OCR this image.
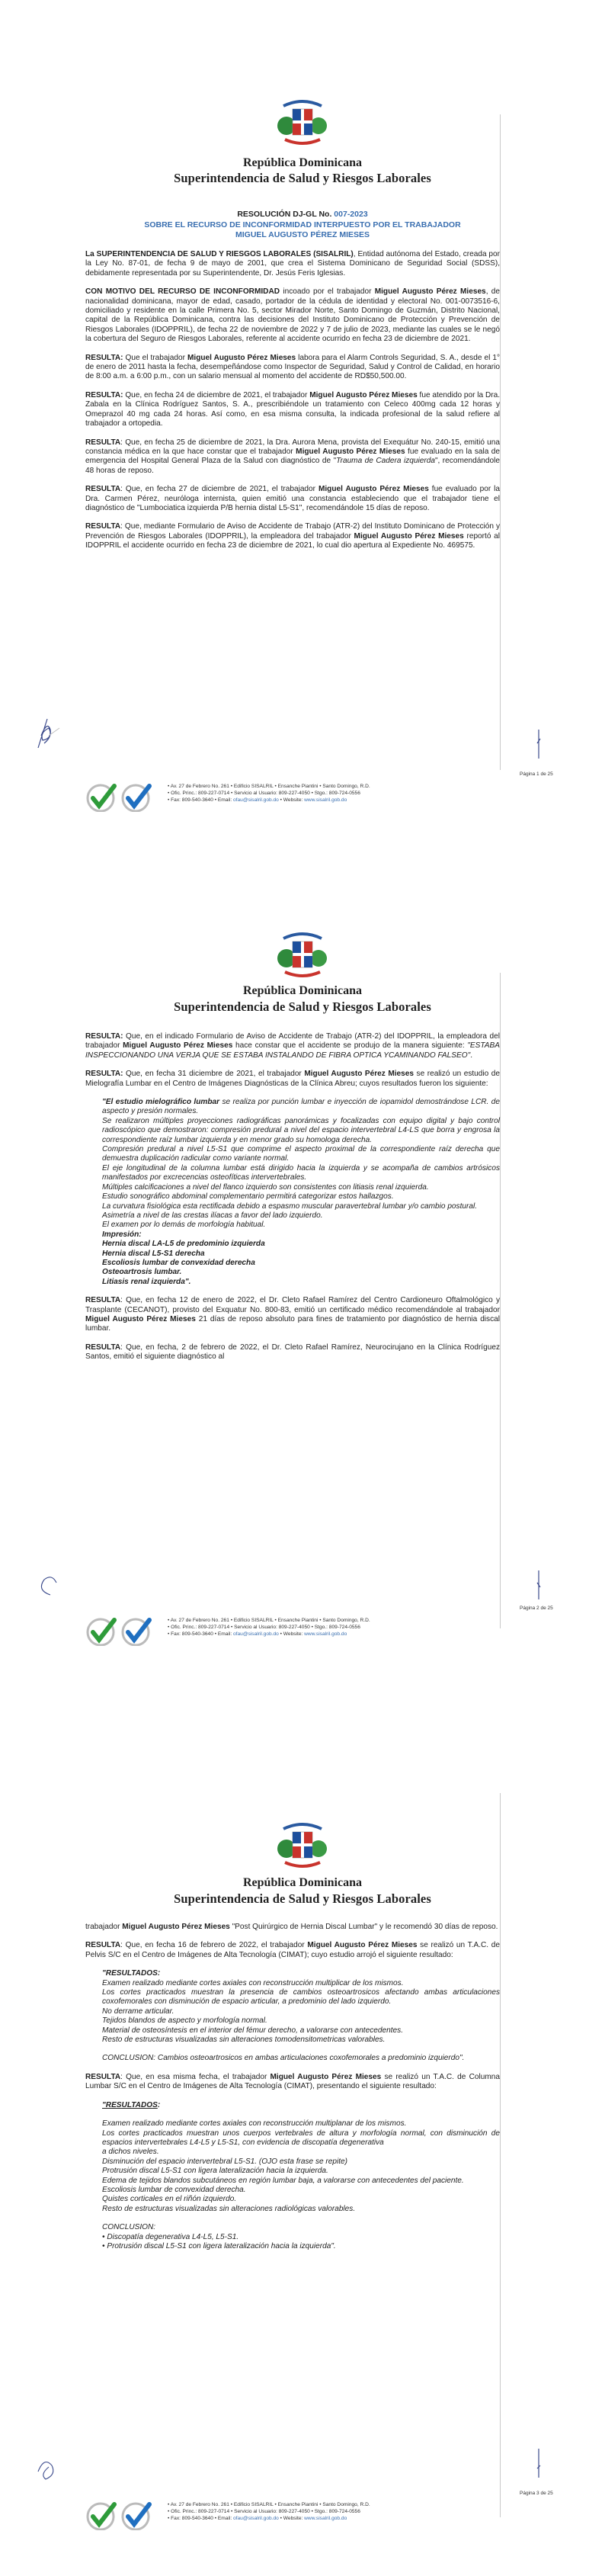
República Dominicana
Superintendencia de Salud y Riesgos Laborales
RESOLUCIÓN DJ-GL No. 007-2023
SOBRE EL RECURSO DE INCONFORMIDAD INTERPUESTO POR EL TRABAJADOR
MIGUEL AUGUSTO PÉREZ MIESES

La SUPERINTENDENCIA DE SALUD Y RIESGOS LABORALES (SISALRIL), Entidad autónoma del Estado, creada por la Ley No. 87-01, de fecha 9 de mayo de 2001, que crea el Sistema Dominicano de Seguridad Social (SDSS), debidamente representada por su Superintendente, Dr. Jesús Feris Iglesias.

CON MOTIVO DEL RECURSO DE INCONFORMIDAD incoado por el trabajador Miguel Augusto Pérez Mieses, de nacionalidad dominicana, mayor de edad, casado, portador de la cédula de identidad y electoral No. 001-0073516-6, domiciliado y residente en la calle Primera No. 5, sector Mirador Norte, Santo Domingo de Guzmán, Distrito Nacional, capital de la República Dominicana, contra las decisiones del Instituto Dominicano de Protección y Prevención de Riesgos Laborales (IDOPPRIL), de fecha 22 de noviembre de 2022 y 7 de julio de 2023, mediante las cuales se le negó la cobertura del Seguro de Riesgos Laborales, referente al accidente ocurrido en fecha 23 de diciembre de 2021.

RESULTA: Que el trabajador Miguel Augusto Pérez Mieses labora para el Alarm Controls Seguridad, S. A., desde el 1° de enero de 2011 hasta la fecha, desempeñándose como Inspector de Seguridad, Salud y Control de Calidad, en horario de 8:00 a.m. a 6:00 p.m., con un salario mensual al momento del accidente de RD$50,500.00.

RESULTA: Que, en fecha 24 de diciembre de 2021, el trabajador Miguel Augusto Pérez Mieses fue atendido por la Dra. Zabala en la Clínica Rodríguez Santos, S. A., prescribiéndole un tratamiento con Celeco 400mg cada 12 horas y Omeprazol 40 mg cada 24 horas. Así como, en esa misma consulta, la indicada profesional de la salud refiere al trabajador a ortopedia.

RESULTA: Que, en fecha 25 de diciembre de 2021, la Dra. Aurora Mena, provista del Exequátur No. 240-15, emitió una constancia médica en la que hace constar que el trabajador Miguel Augusto Pérez Mieses fue evaluado en la sala de emergencia del Hospital General Plaza de la Salud con diagnóstico de "Trauma de Cadera izquierda", recomendándole 48 horas de reposo.

RESULTA: Que, en fecha 27 de diciembre de 2021, el trabajador Miguel Augusto Pérez Mieses fue evaluado por la Dra. Carmen Pérez, neuróloga internista, quien emitió una constancia estableciendo que el trabajador tiene el diagnóstico de "Lumbociatica izquierda P/B hernia distal L5-S1", recomendándole 15 días de reposo.

RESULTA: Que, mediante Formulario de Aviso de Accidente de Trabajo (ATR-2) del Instituto Dominicano de Protección y Prevención de Riesgos Laborales (IDOPPRIL), la empleadora del trabajador Miguel Augusto Pérez Mieses reportó al IDOPPRIL el accidente ocurrido en fecha 23 de diciembre de 2021, lo cual dio apertura al Expediente No. 469575.

Página 1 de 25
• Av. 27 de Febrero No. 261 • Edificio SISALRIL • Ensanche Piantini • Santo Domingo, R.D.
• Ofic. Princ.: 809-227-0714 • Servicio al Usuario: 809-227-4050 • Stgo.: 809-724-0556
• Fax: 809-540-3640 • Email: ofau@sisalril.gob.do • Website: www.sisalril.gob.do
República Dominicana
Superintendencia de Salud y Riesgos Laborales

RESULTA: Que, en el indicado Formulario de Aviso de Accidente de Trabajo (ATR-2) del IDOPPRIL, la empleadora del trabajador Miguel Augusto Pérez Mieses hace constar que el accidente se produjo de la manera siguiente: "ESTABA INSPECCIONANDO UNA VERJA QUE SE ESTABA INSTALANDO DE FIBRA OPTICA YCAMINANDO FALSEO".

RESULTA: Que, en fecha 31 diciembre de 2021, el trabajador Miguel Augusto Pérez Mieses se realizó un estudio de Mielografía Lumbar en el Centro de Imágenes Diagnósticas de la Clínica Abreu; cuyos resultados fueron los siguiente:

"El estudio mielográfico lumbar se realiza por punción lumbar e inyección de iopamidol demostrándose LCR. de aspecto y presión normales.
Se realizaron múltiples proyecciones radiográficas panorámicas y focalizadas con equipo digital y bajo control radioscópico que demostraron: compresión predural a nivel del espacio intervertebral L4-LS que borra y engrosa la correspondiente raíz lumbar izquierda y en menor grado su homologa derecha.
Compresión predural a nivel L5-S1 que comprime el aspecto proximal de la correspondiente raíz derecha que demuestra duplicación radicular como variante normal.
El eje longitudinal de la columna lumbar está dirigido hacia la izquierda y se acompaña de cambios artrósicos manifestados por excrecencias osteofíticas intervertebrales.
Múltiples calcificaciones a nivel del flanco izquierdo son consistentes con litiasis renal izquierda.
Estudio sonográfico abdominal complementario permitirá categorizar estos hallazgos.
La curvatura fisiológica esta rectificada debido a espasmo muscular paravertebral lumbar y/o cambio postural.
Asimetría a nivel de las crestas ilíacas a favor del lado izquierdo.
El examen por lo demás de morfología habitual.
Impresión:
Hernia discal LA-L5 de predominio izquierda
Hernia discal L5-S1 derecha
Escoliosis lumbar de convexidad derecha
Osteoartrosis lumbar.
Litiasis renal izquierda".

RESULTA: Que, en fecha 12 de enero de 2022, el Dr. Cleto Rafael Ramírez del Centro Cardioneuro Oftalmológico y Trasplante (CECANOT), provisto del Exquatur No. 800-83, emitió un certificado médico recomendándole al trabajador Miguel Augusto Pérez Mieses 21 días de reposo absoluto para fines de tratamiento por diagnóstico de hernia discal lumbar.

RESULTA: Que, en fecha, 2 de febrero de 2022, el Dr. Cleto Rafael Ramírez, Neurocirujano en la Clínica Rodríguez Santos, emitió el siguiente diagnóstico al

Página 2 de 25
• Av. 27 de Febrero No. 261 • Edificio SISALRIL • Ensanche Piantini • Santo Domingo, R.D.
• Ofic. Princ.: 809-227-0714 • Servicio al Usuario: 809-227-4050 • Stgo.: 809-724-0556
• Fax: 809-540-3640 • Email: ofau@sisalril.gob.do • Website: www.sisalril.gob.do
República Dominicana
Superintendencia de Salud y Riesgos Laborales

trabajador Miguel Augusto Pérez Mieses "Post Quirúrgico de Hernia Discal Lumbar" y le recomendó 30 días de reposo.

RESULTA: Que, en fecha 16 de febrero de 2022, el trabajador Miguel Augusto Pérez Mieses se realizó un T.A.C. de Pelvis S/C en el Centro de Imágenes de Alta Tecnología (CIMAT); cuyo estudio arrojó el siguiente resultado:

"RESULTADOS:
Examen realizado mediante cortes axiales con reconstrucción multiplicar de los mismos.
Los cortes practicados muestran la presencia de cambios osteoartrosicos afectando ambas articulaciones coxofemorales con disminución de espacio articular, a predominio del lado izquierdo.
No derrame articular.
Tejidos blandos de aspecto y morfología normal.
Material de osteosíntesis en el interior del fémur derecho, a valorarse con antecedentes.
Resto de estructuras visualizadas sin alteraciones tomodensitometricas valorables.
CONCLUSION: Cambios osteoartrosicos en ambas articulaciones coxofemorales a predominio izquierdo".

RESULTA: Que, en esa misma fecha, el trabajador Miguel Augusto Pérez Mieses se realizó un T.A.C. de Columna Lumbar S/C en el Centro de Imágenes de Alta Tecnología (CIMAT), presentando el siguiente resultado:

"RESULTADOS:
Examen realizado mediante cortes axiales con reconstrucción multiplanar de los mismos.
Los cortes practicados muestran unos cuerpos vertebrales de altura y morfología normal, con disminución de espacios intervertebrales L4-L5 y L5-S1, con evidencia de discopatía degenerativa
a dichos niveles.
Disminución del espacio intervertebral L5-S1. (OJO esta frase se repite)
Protrusión discal L5-S1 con ligera lateralización hacia la izquierda.
Edema de tejidos blandos subcutáneos en región lumbar baja, a valorarse con antecedentes del paciente.
Escoliosis lumbar de convexidad derecha.
Quistes corticales en el riñón izquierdo.
Resto de estructuras visualizadas sin alteraciones radiológicas valorables.
CONCLUSION:
• Discopatía degenerativa L4-L5, L5-S1.
• Protrusión discal L5-S1 con ligera lateralización hacia la izquierda".
Página 3 de 25
• Av. 27 de Febrero No. 261 • Edificio SISALRIL • Ensanche Piantini • Santo Domingo, R.D.
• Ofic. Princ.: 809-227-0714 • Servicio al Usuario: 809-227-4050 • Stgo.: 809-724-0556
• Fax: 809-540-3640 • Email: ofau@sisalril.gob.do • Website: www.sisalril.gob.do
